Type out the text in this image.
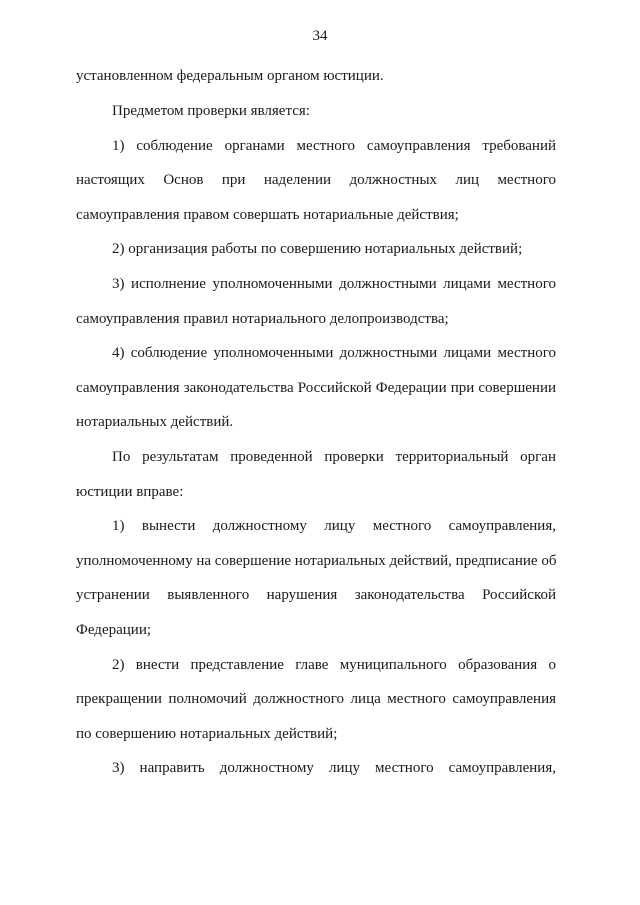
34
установленном федеральным органом юстиции.
Предметом проверки является:
1) соблюдение органами местного самоуправления требований
настоящих Основ при наделении должностных лиц местного
самоуправления правом совершать нотариальные действия;
2) организация работы по совершению нотариальных действий;
3) исполнение уполномоченными должностными лицами местного
самоуправления правил нотариального делопроизводства;
4) соблюдение уполномоченными должностными лицами местного
самоуправления законодательства Российской Федерации при совершении
нотариальных действий.
По результатам проведенной проверки территориальный орган
юстиции вправе:
1) вынести должностному лицу местного самоуправления,
уполномоченному на совершение нотариальных действий, предписание об
устранении выявленного нарушения законодательства Российской
Федерации;
2) внести представление главе муниципального образования о
прекращении полномочий должностного лица местного самоуправления
по совершению нотариальных действий;
3) направить должностному лицу местного самоуправления,
